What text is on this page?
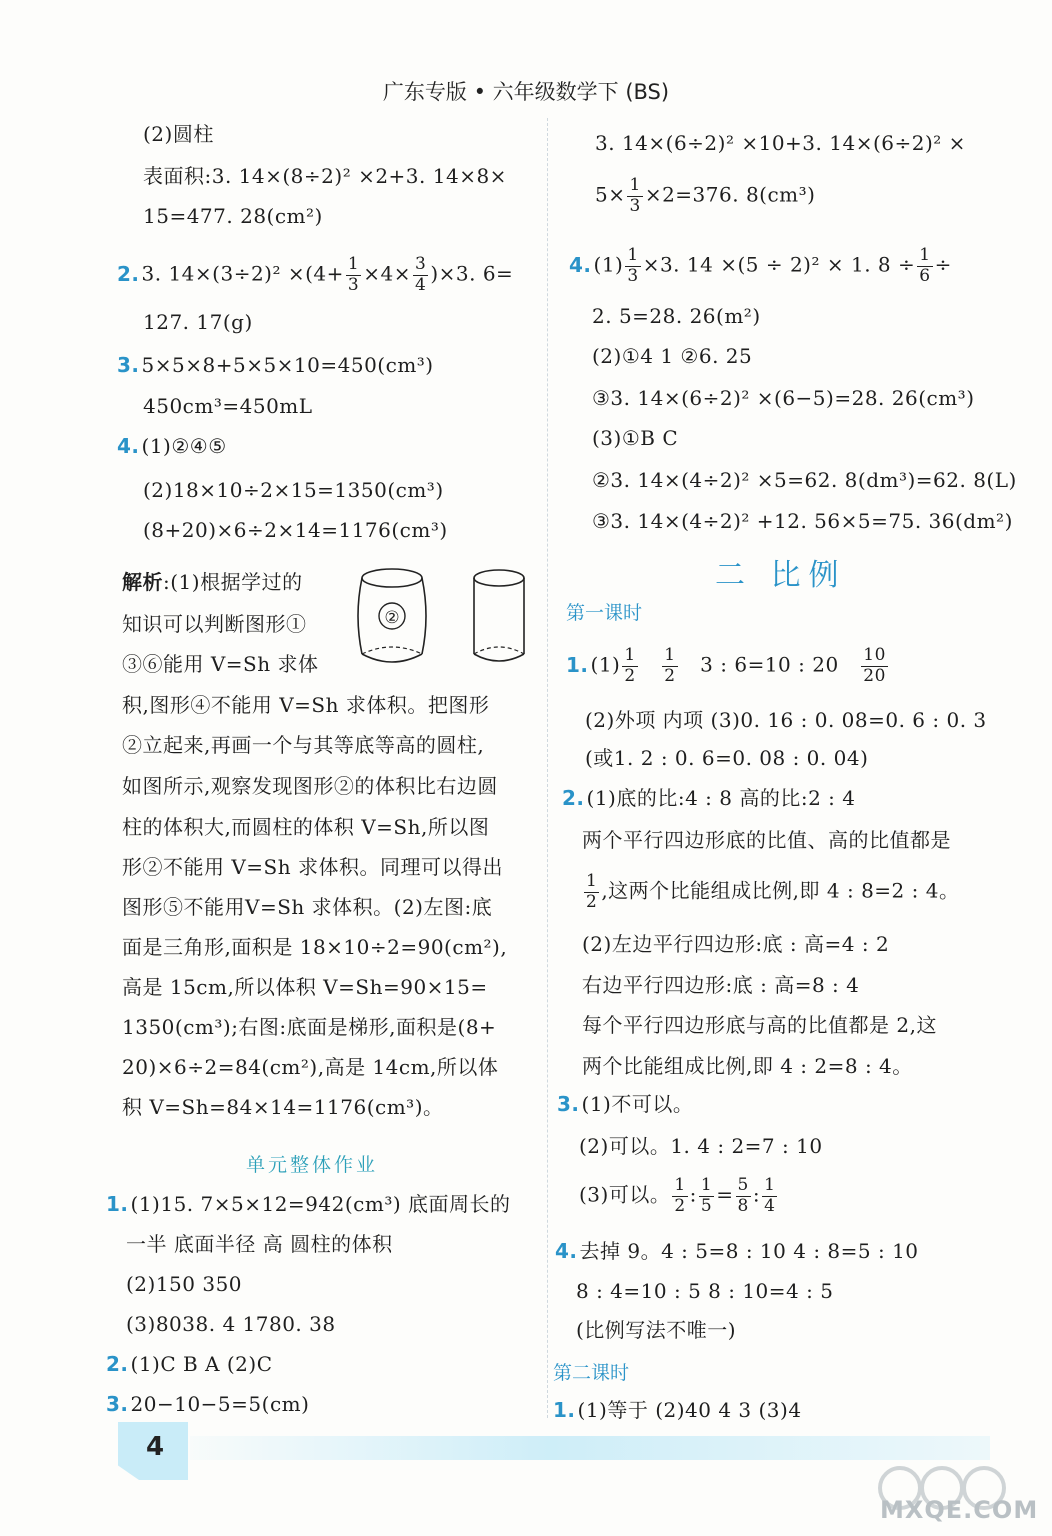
广东专版 • 六年级数学下 (BS)
(2)圆柱
表面积:3. 14×(8÷2)² ×2+3. 14×8×
15=477. 28(cm²)
2. 3. $14\times(3\div 2)^2 \times(4+ \frac{1}{3} \times 4\times \frac{3}{4} )\times 3$. 6=
127. 17(g)
3. 5×5×8+5×5×10=450(cm³)
450cm³=450mL
4. (1)②④⑤
(2)18×10÷2×15=1350(cm³)
(8+20)×6÷2×14=1176(cm³)
解析:(1)根据学过的
知识可以判断图形①
③⑥能用 V=Sh 求体
②
积,图形④不能用 V=Sh 求体积。把图形
②立起来,再画一个与其等底等高的圆柱,
如图所示,观察发现图形②的体积比右边圆
柱的体积大,而圆柱的体积 V=Sh,所以图
形②不能用 V=Sh 求体积。同理可以得出
图形⑤不能用V=Sh 求体积。(2)左图:底
面是三角形,面积是 18×10÷2=90(cm²),
高是 15cm,所以体积 V=Sh=90×15=
1350(cm³);右图:底面是梯形,面积是(8+
20)×6÷2=84(cm²),高是 14cm,所以体
积 V=Sh=84×14=1176(cm³)。
单元整体作业
1. (1)15. 7×5×12=942(cm³) 底面周长的
一半 底面半径 高 圆柱的体积
(2)150 350
(3)8038. 4 1780. 38
2. (1)C B A (2)C
3. 20−10−5=5(cm)
3. 14×(6÷2)² ×10+3. 14×(6÷2)² ×
$5\times \frac{1}{3} \times 2=376$. 8(cm³)
4. $(1) \frac{1}{3} \times 3$. 14 ×(5 ÷ 2)² × 1. $8 \div \frac{1}{6}$ ÷
2. 5=28. 26(m²)
(2)①4 1 ②6. 25
③3. 14×(6÷2)² ×(6−5)=28. 26(cm³)
(3)①B C
②3. 14×(4÷2)² ×5=62. 8(dm³)=62. 8(L)
③3. 14×(4÷2)² +12. 56×5=75. 36(dm²)
二 比例
第一课时
1. $(1) \frac{1}{2}$
$\frac{1}{2} 3$ : 6=10 : $20 \frac{10}{20}$
(2)外项 内项 (3)0. 16 : 0. 08=0. 6 : 0. 3
(或1. 2 : 0. 6=0. 08 : 0. 04)
2. (1)底的比:4 : 8 高的比:2 : 4
两个平行四边形底的比值、高的比值都是
$\frac{1}{2}$ ,这两个比能组成比例,即 4 : 8=2 : 4。
(2)左边平行四边形:底 : 高=4 : 2
右边平行四边形:底 : 高=8 : 4
每个平行四边形底与高的比值都是 2,这
两个比能组成比例,即 4 : 2=8 : 4。
3. (1)不可以。
(2)可以。1. 4 : 2=7 : 10
(3)可以。 $\frac{1}{2}$ : $\frac{1}{5} = \frac{5}{8}$ : $\frac{1}{4}$
4. 去掉 9。4 : 5=8 : 10 4 : 8=5 : 10
8 : 4=10 : 5 8 : 10=4 : 5
(比例写法不唯一)
第二课时
1. (1)等于 (2)40 4 3 (3)4
4
MXQE.COM
